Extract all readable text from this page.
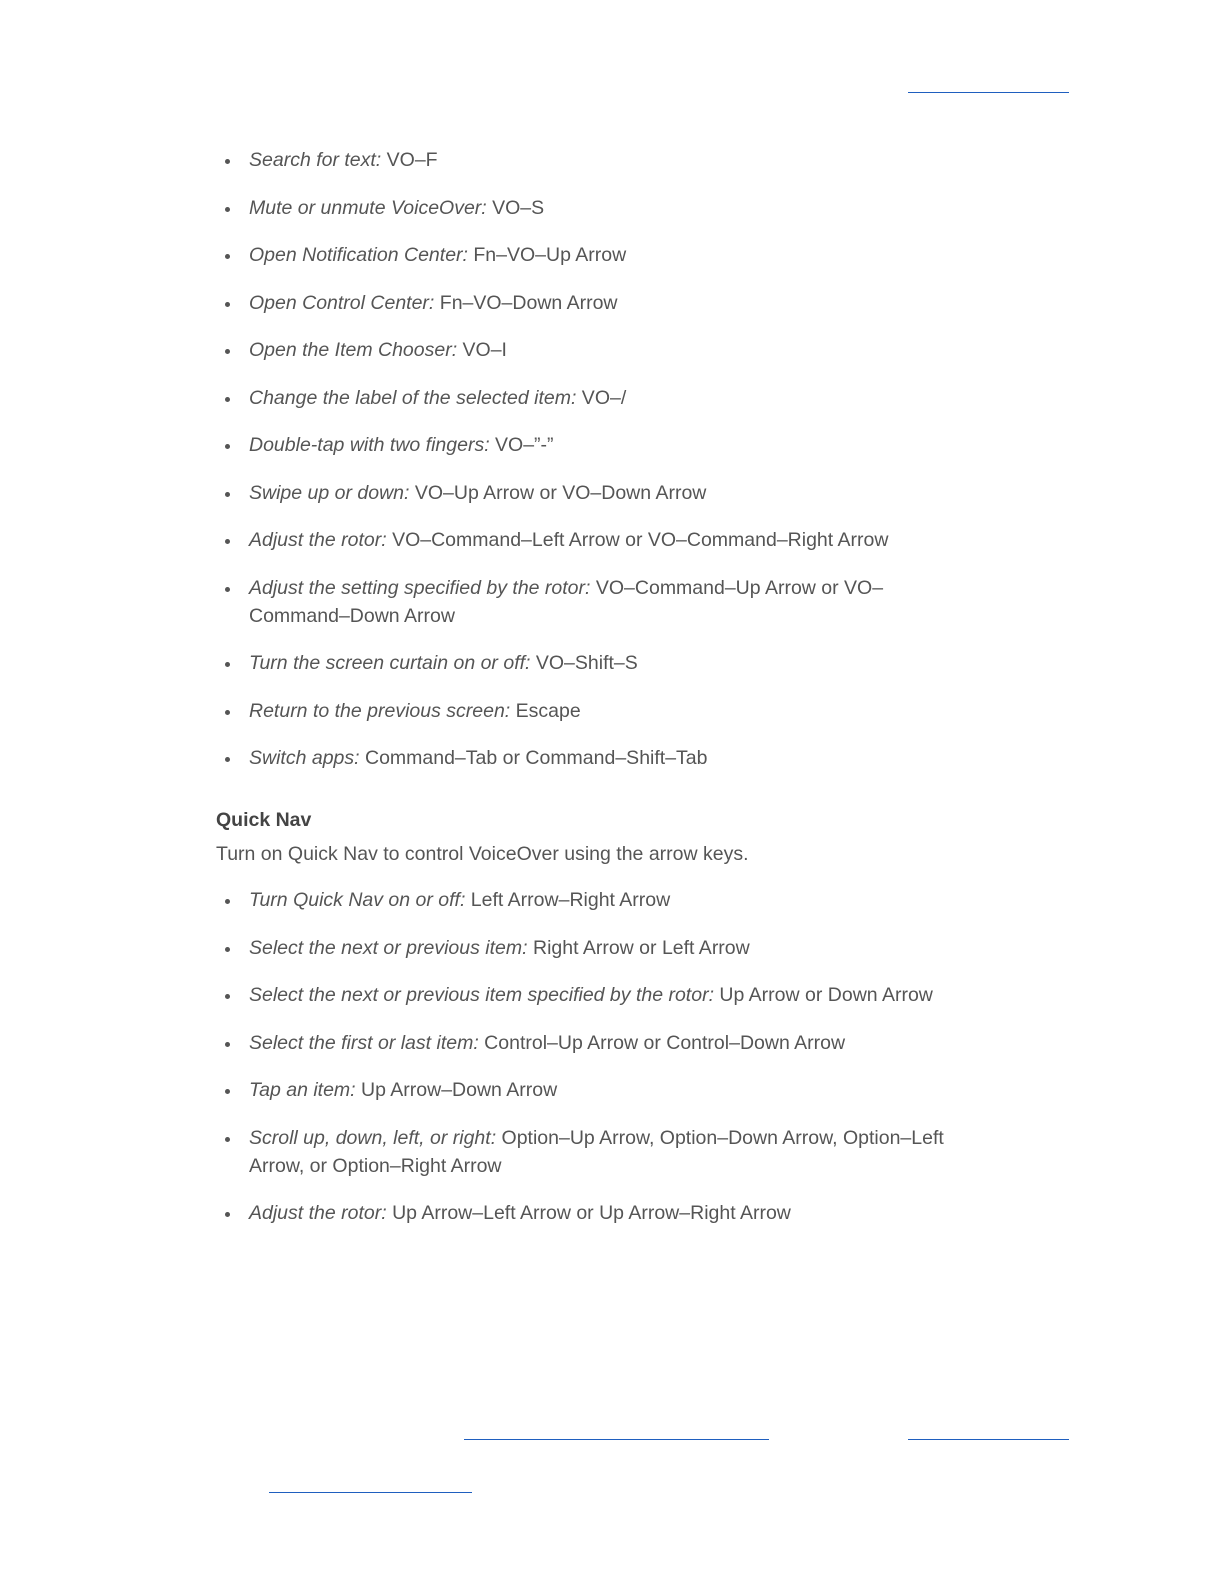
Search for text: VO–F
Mute or unmute VoiceOver: VO–S
Open Notification Center: Fn–VO–Up Arrow
Open Control Center: Fn–VO–Down Arrow
Open the Item Chooser: VO–I
Change the label of the selected item: VO–/
Double-tap with two fingers: VO–”-”
Swipe up or down: VO–Up Arrow or VO–Down Arrow
Adjust the rotor: VO–Command–Left Arrow or VO–Command–Right Arrow
Adjust the setting specified by the rotor: VO–Command–Up Arrow or VO–Command–Down Arrow
Turn the screen curtain on or off: VO–Shift–S
Return to the previous screen: Escape
Switch apps: Command–Tab or Command–Shift–Tab
Quick Nav

Turn on Quick Nav to control VoiceOver using the arrow keys.

Turn Quick Nav on or off: Left Arrow–Right Arrow
Select the next or previous item: Right Arrow or Left Arrow
Select the next or previous item specified by the rotor: Up Arrow or Down Arrow
Select the first or last item: Control–Up Arrow or Control–Down Arrow
Tap an item: Up Arrow–Down Arrow
Scroll up, down, left, or right: Option–Up Arrow, Option–Down Arrow, Option–Left Arrow, or Option–Right Arrow
Adjust the rotor: Up Arrow–Left Arrow or Up Arrow–Right Arrow
